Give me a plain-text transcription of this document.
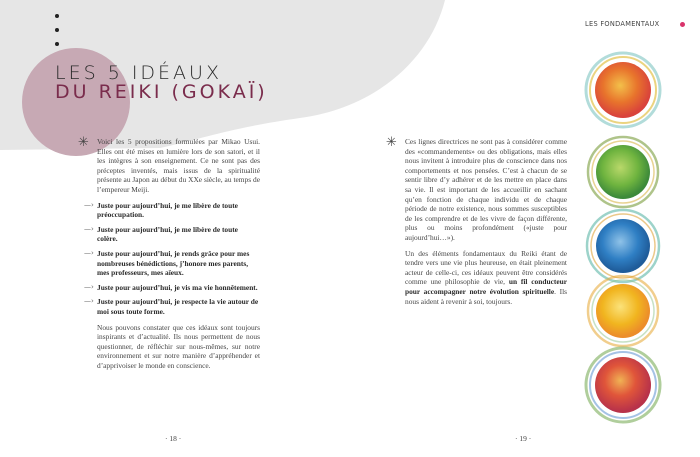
LES 5 IDÉAUX
DU REIKI (GOKAÏ)
✳ Voici les 5 propositions formulées par Mikao Usui. Elles ont été mises en lumière lors de son satori, et il les intègres à son enseignement. Ce ne sont pas des préceptes inventés, mais issus de la spiritualité présente au Japon au début du XXe siècle, au temps de l’empereur Meiji.

—› Juste pour aujourd’hui, je me libère de toute préoccupation.
—› Juste pour aujourd’hui, je me libère de toute colère.
—› Juste pour aujourd’hui, je rends grâce pour mes nombreuses bénédictions, j’honore mes parents, mes professeurs, mes aïeux.
—› Juste pour aujourd’hui, je vis ma vie honnêtement.
—› Juste pour aujourd’hui, je respecte la vie autour de moi sous toute forme.

Nous pouvons constater que ces idéaux sont toujours inspirants et d’actualité. Ils nous permettent de nous questionner, de réfléchir sur nous-mêmes, sur notre environnement et sur notre manière d’appréhender et d’apprivoiser le monde en conscience.

· 18 ·
LES FONDAMENTAUX
✳ Ces lignes directrices ne sont pas à considérer comme des «commandements» ou des obligations, mais elles nous invitent à introduire plus de conscience dans nos comportements et nos pensées. C’est à chacun de se sentir libre d’y adhérer et de les mettre en place dans sa vie. Il est important de les accueillir en sachant qu’en fonction de chaque individu et de chaque période de notre existence, nous sommes susceptibles de les comprendre et de les vivre de façon différente, plus ou moins profondément («juste pour aujourd’hui…»).

Un des éléments fondamentaux du Reiki étant de tendre vers une vie plus heureuse, en était pleinement acteur de celle-ci, ces idéaux peuvent être considérés comme une philosophie de vie, un fil conducteur pour accompagner notre évolution spirituelle. Ils nous aident à revenir à soi, toujours.

· 19 ·
